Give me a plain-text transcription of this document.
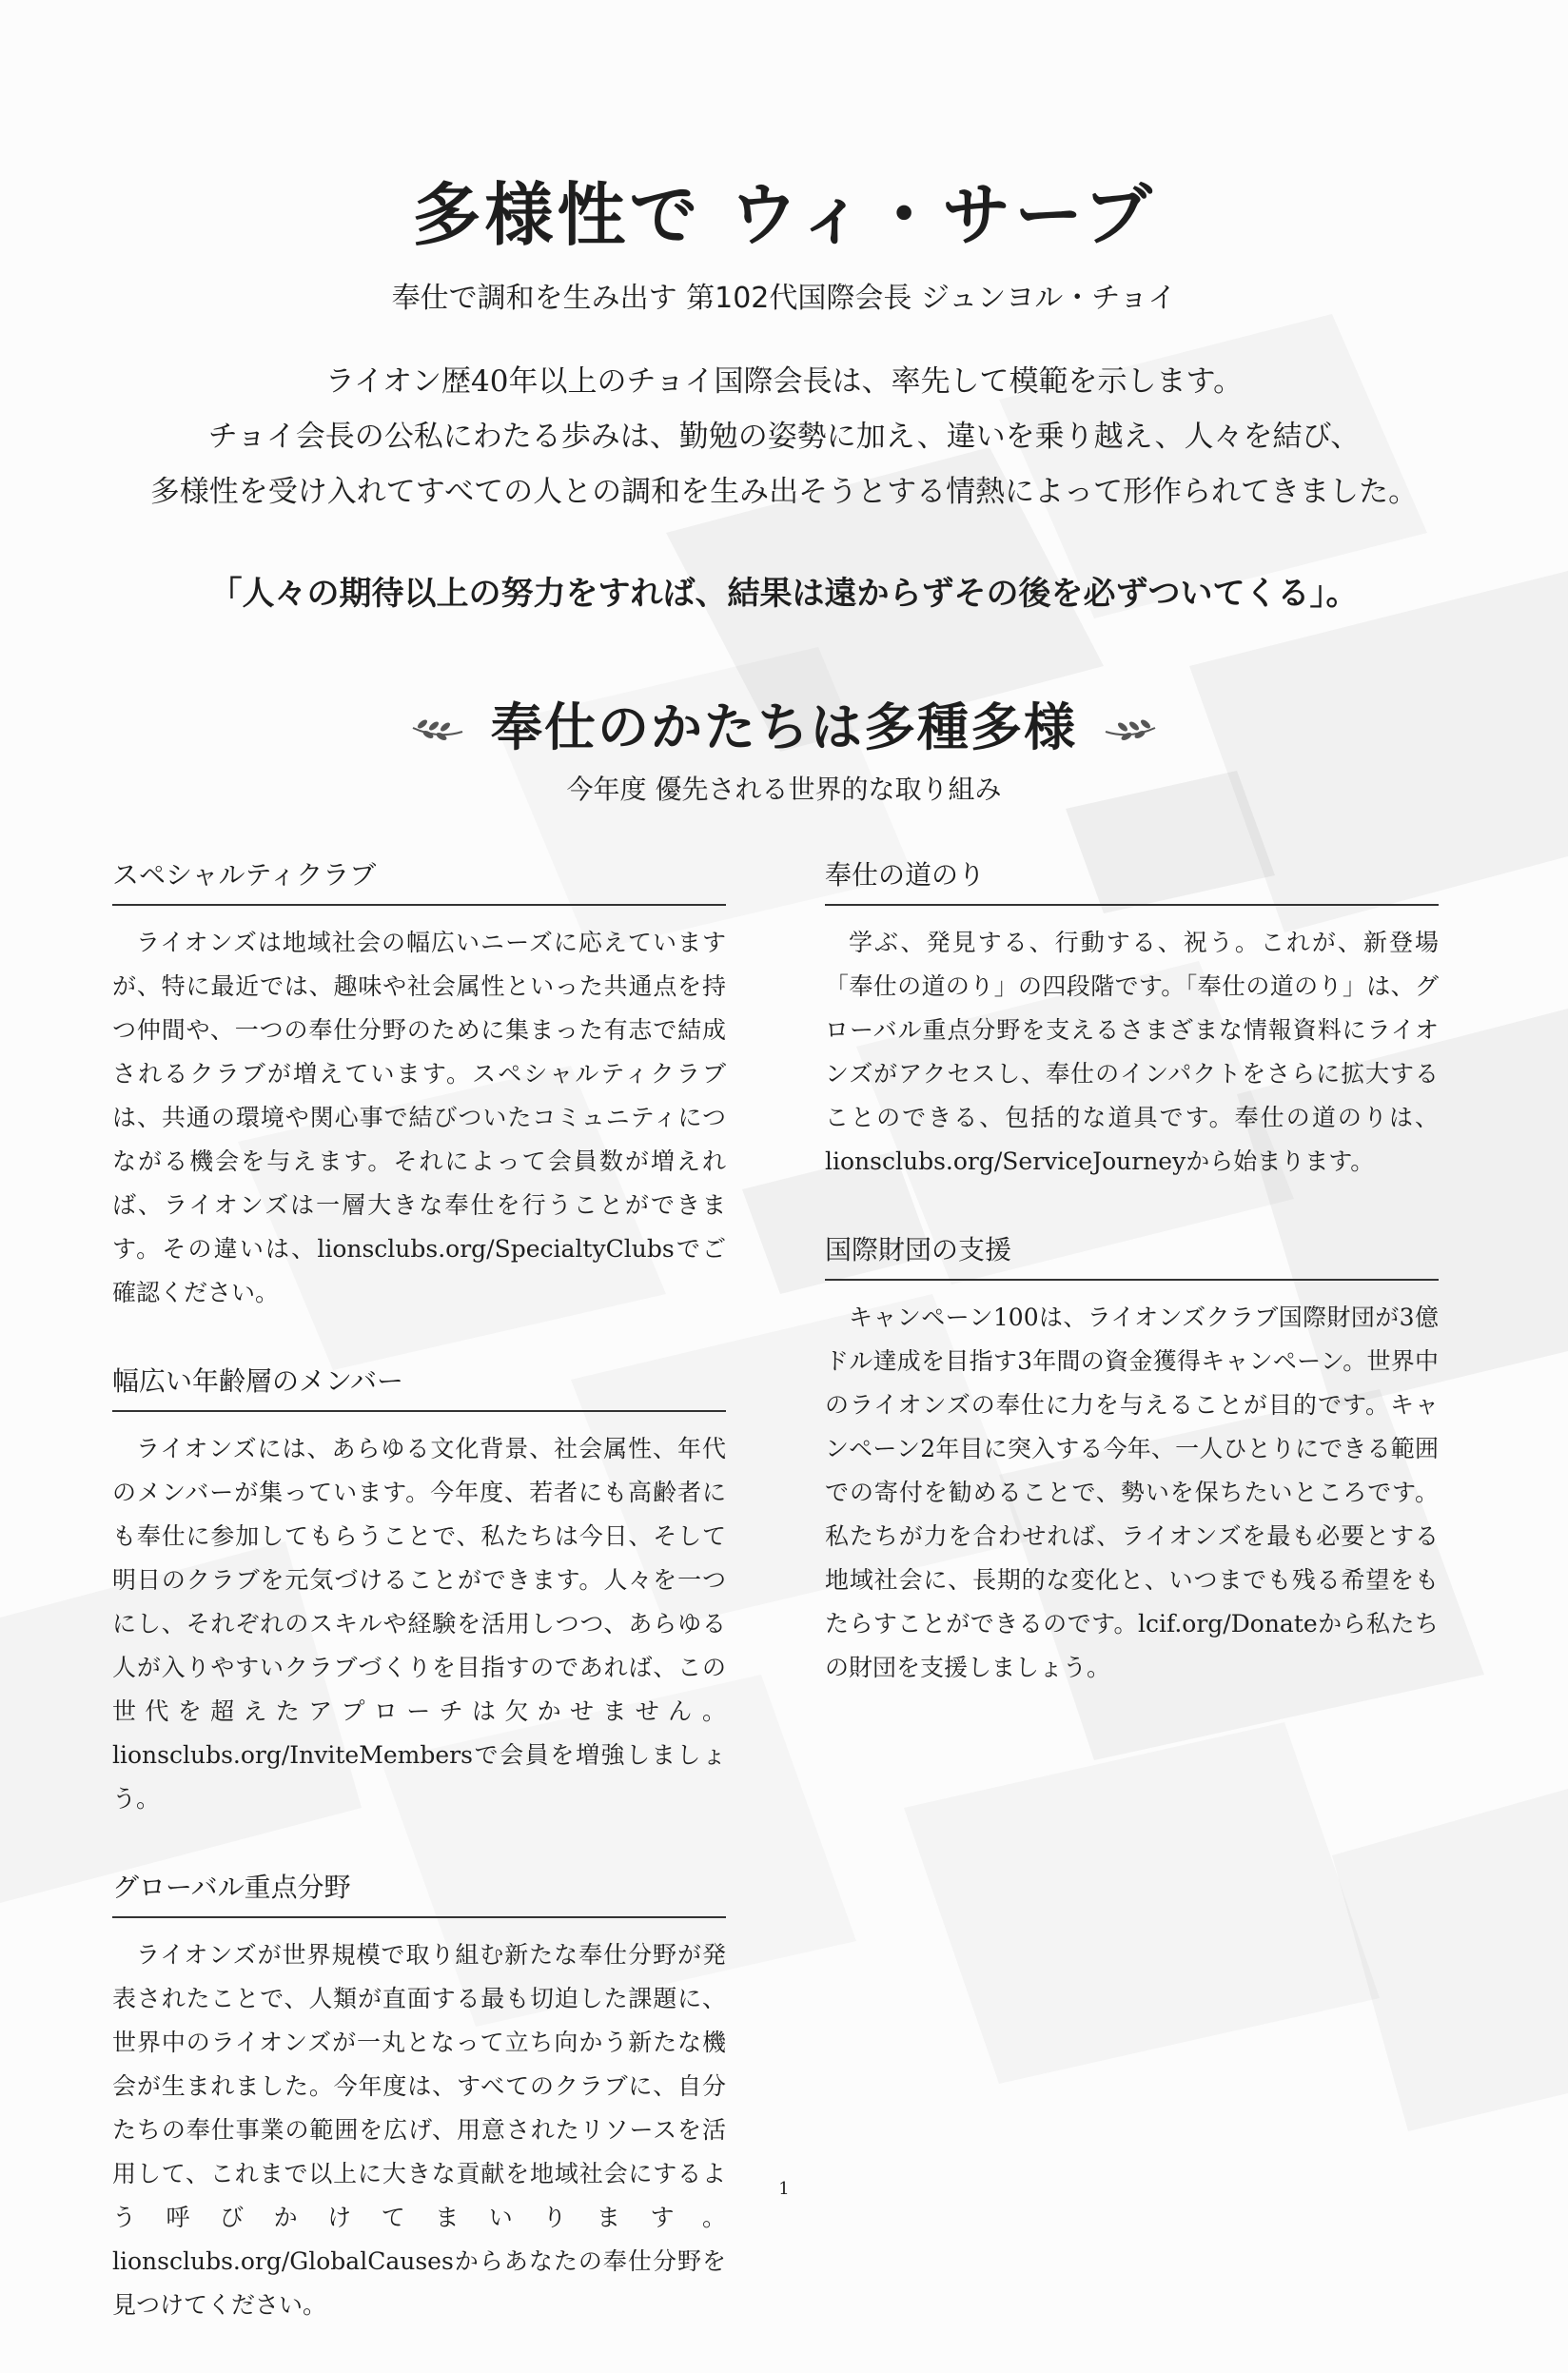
多様性で ウィ・サーブ

奉仕で調和を生み出す 第102代国際会長 ジュンヨル・チョイ

ライオン歴40年以上のチョイ国際会長は、率先して模範を示します。
チョイ会長の公私にわたる歩みは、勤勉の姿勢に加え、違いを乗り越え、人々を結び、
多様性を受け入れてすべての人との調和を生み出そうとする情熱によって形作られてきました。

「人々の期待以上の努力をすれば、結果は遠からずその後を必ずついてくる」。

奉仕のかたちは多種多様

今年度 優先される世界的な取り組み

スペシャルティクラブ

ライオンズは地域社会の幅広いニーズに応えていますが、特に最近では、趣味や社会属性といった共通点を持つ仲間や、一つの奉仕分野のために集まった有志で結成されるクラブが増えています。スペシャルティクラブは、共通の環境や関心事で結びついたコミュニティにつながる機会を与えます。それによって会員数が増えれば、ライオンズは一層大きな奉仕を行うことができます。その違いは、lionsclubs.org/SpecialtyClubsでご確認ください。

幅広い年齢層のメンバー

ライオンズには、あらゆる文化背景、社会属性、年代のメンバーが集っています。今年度、若者にも高齢者にも奉仕に参加してもらうことで、私たちは今日、そして明日のクラブを元気づけることができます。人々を一つにし、それぞれのスキルや経験を活用しつつ、あらゆる人が入りやすいクラブづくりを目指すのであれば、この世代を超えたアプローチは欠かせません。lionsclubs.org/InviteMembersで会員を増強しましょう。

グローバル重点分野

ライオンズが世界規模で取り組む新たな奉仕分野が発表されたことで、人類が直面する最も切迫した課題に、世界中のライオンズが一丸となって立ち向かう新たな機会が生まれました。今年度は、すべてのクラブに、自分たちの奉仕事業の範囲を広げ、用意されたリソースを活用して、これまで以上に大きな貢献を地域社会にするよう呼びかけてまいります。lionsclubs.org/GlobalCausesからあなたの奉仕分野を見つけてください。

奉仕の道のり

学ぶ、発見する、行動する、祝う。これが、新登場「奉仕の道のり」の四段階です。「奉仕の道のり」は、グローバル重点分野を支えるさまざまな情報資料にライオンズがアクセスし、奉仕のインパクトをさらに拡大することのできる、包括的な道具です。奉仕の道のりは、lionsclubs.org/ServiceJourneyから始まります。

国際財団の支援

キャンペーン100は、ライオンズクラブ国際財団が3億ドル達成を目指す3年間の資金獲得キャンペーン。世界中のライオンズの奉仕に力を与えることが目的です。キャンペーン2年目に突入する今年、一人ひとりにできる範囲での寄付を勧めることで、勢いを保ちたいところです。私たちが力を合わせれば、ライオンズを最も必要とする地域社会に、長期的な変化と、いつまでも残る希望をもたらすことができるのです。lcif.org/Donateから私たちの財団を支援しましょう。

1
